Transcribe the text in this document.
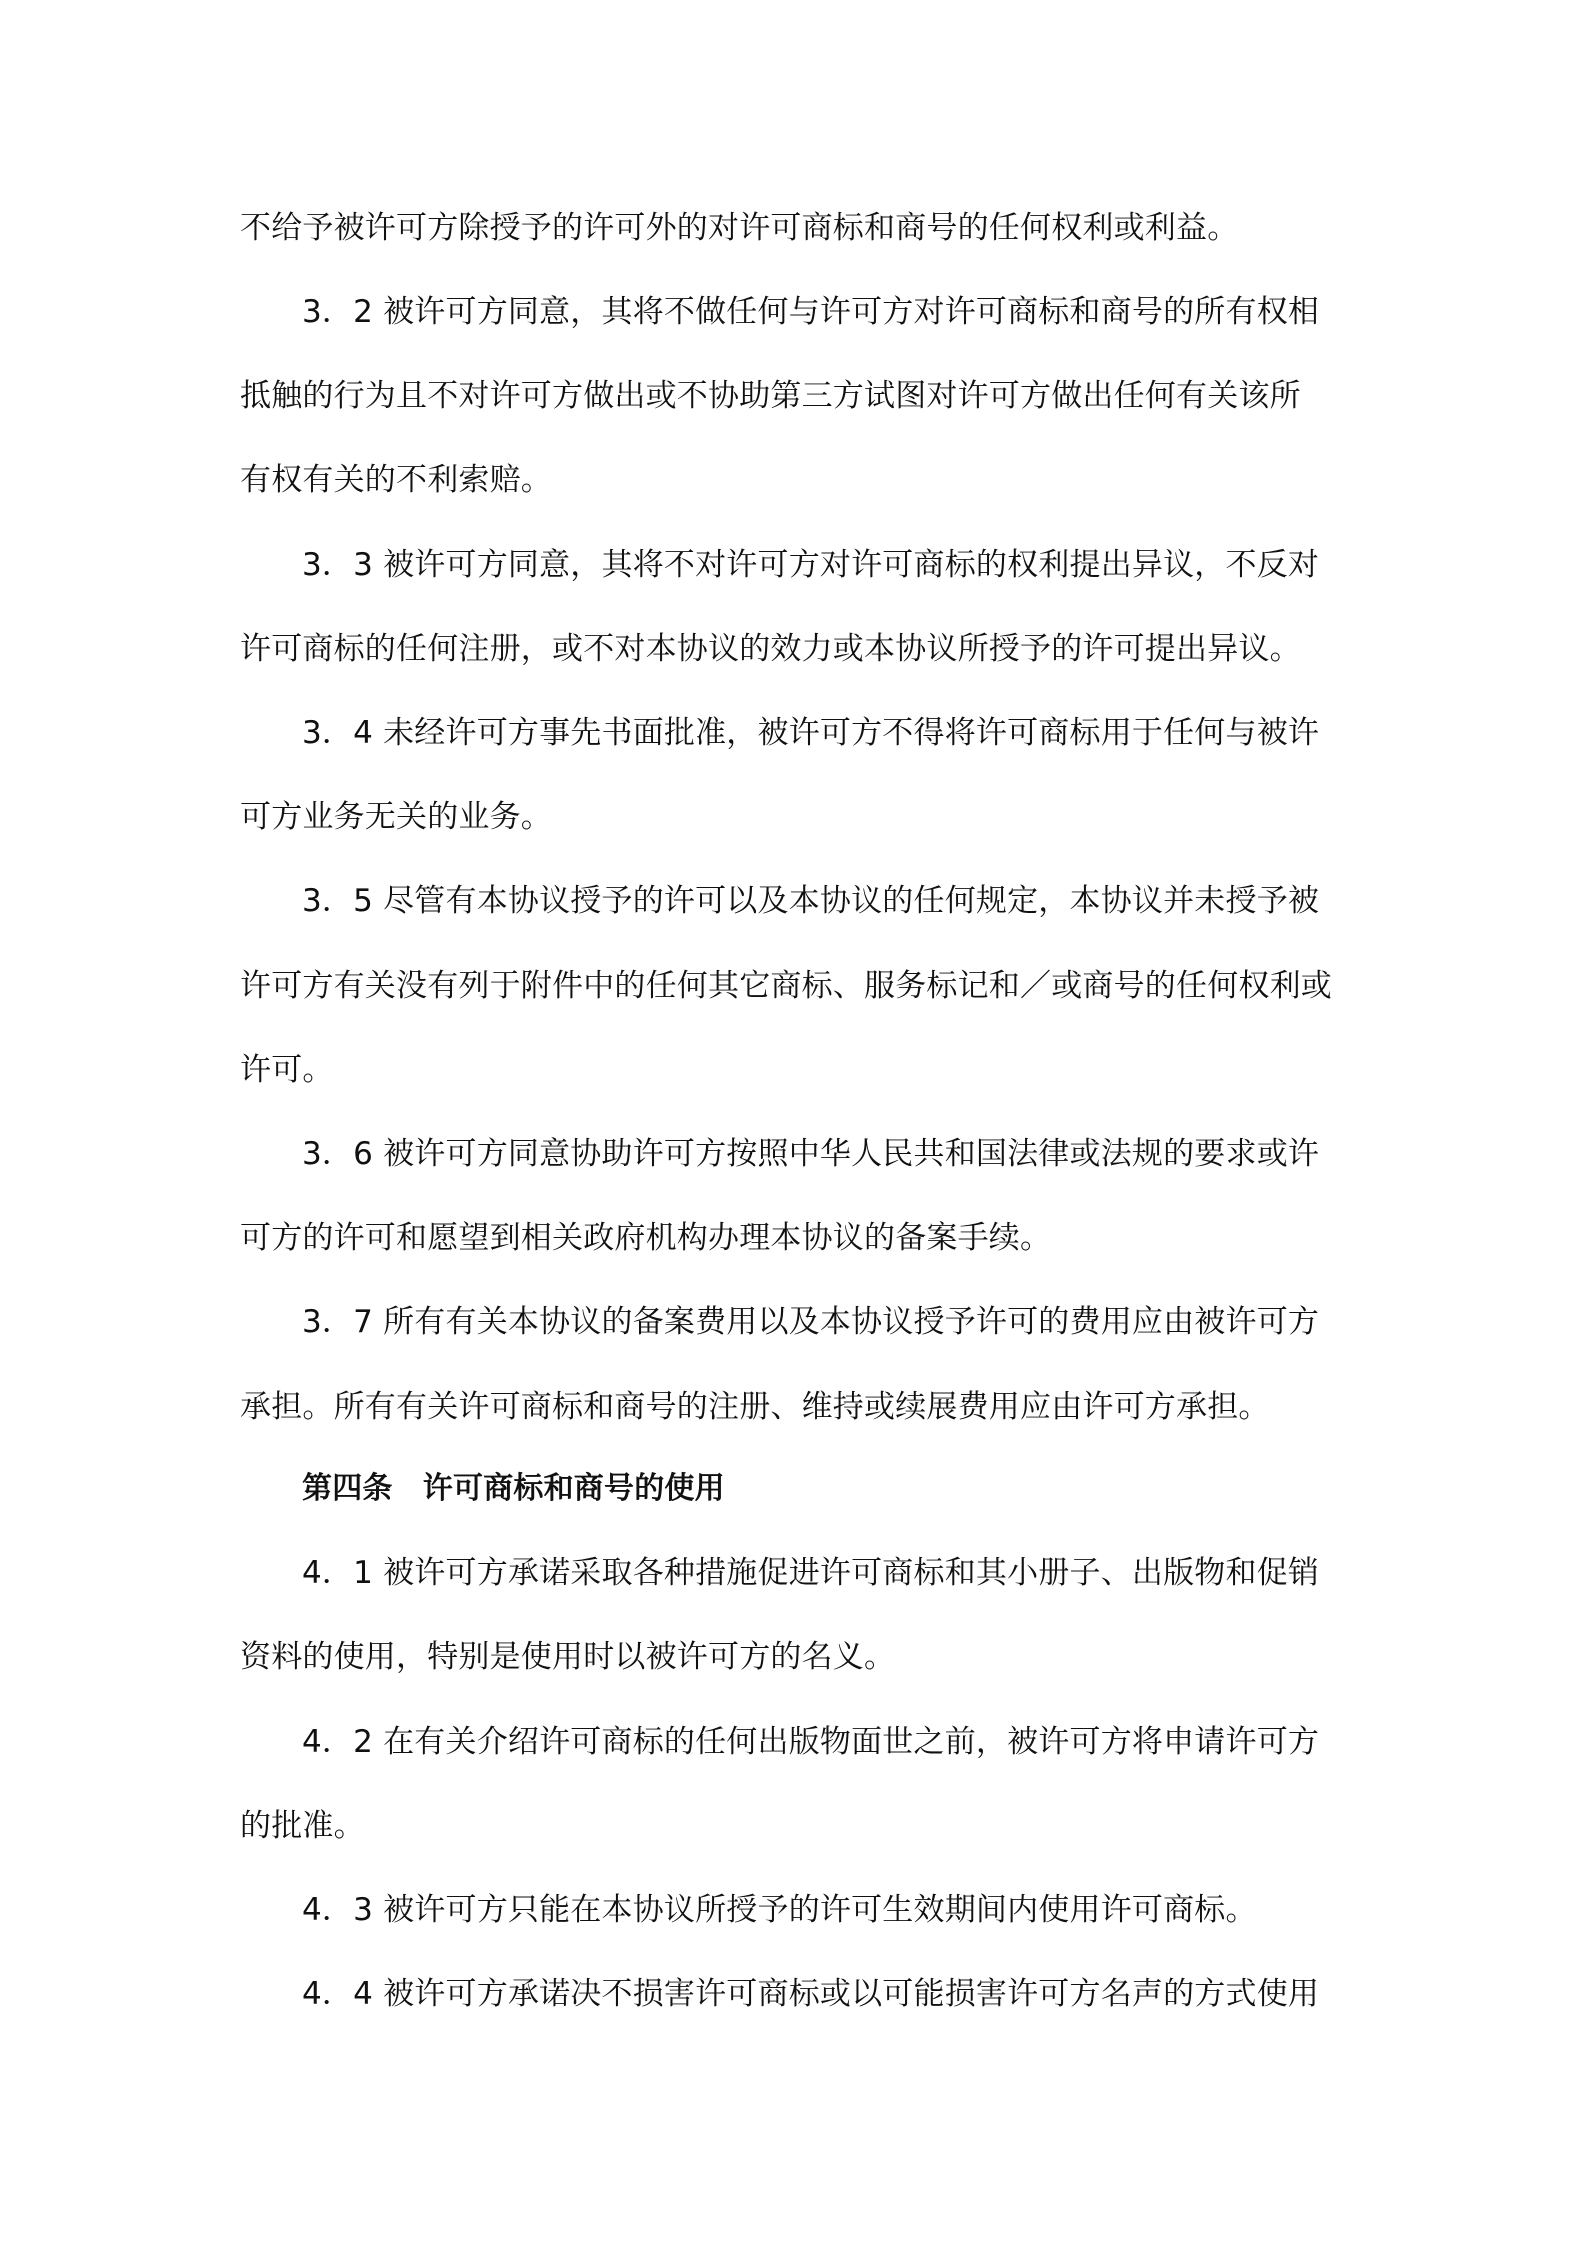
不给予被许可方除授予的许可外的对许可商标和商号的任何权利或利益。
3．2 被许可方同意，其将不做任何与许可方对许可商标和商号的所有权相
抵触的行为且不对许可方做出或不协助第三方试图对许可方做出任何有关该所
有权有关的不利索赔。
3．3 被许可方同意，其将不对许可方对许可商标的权利提出异议，不反对
许可商标的任何注册，或不对本协议的效力或本协议所授予的许可提出异议。
3．4 未经许可方事先书面批准，被许可方不得将许可商标用于任何与被许
可方业务无关的业务。
3．5 尽管有本协议授予的许可以及本协议的任何规定，本协议并未授予被
许可方有关没有列于附件中的任何其它商标、服务标记和／或商号的任何权利或
许可。
3．6 被许可方同意协助许可方按照中华人民共和国法律或法规的要求或许
可方的许可和愿望到相关政府机构办理本协议的备案手续。
3．7 所有有关本协议的备案费用以及本协议授予许可的费用应由被许可方
承担。所有有关许可商标和商号的注册、维持或续展费用应由许可方承担。
第四条　许可商标和商号的使用
4．1 被许可方承诺采取各种措施促进许可商标和其小册子、出版物和促销
资料的使用，特别是使用时以被许可方的名义。
4．2 在有关介绍许可商标的任何出版物面世之前，被许可方将申请许可方
的批准。
4．3 被许可方只能在本协议所授予的许可生效期间内使用许可商标。
4．4 被许可方承诺决不损害许可商标或以可能损害许可方名声的方式使用
